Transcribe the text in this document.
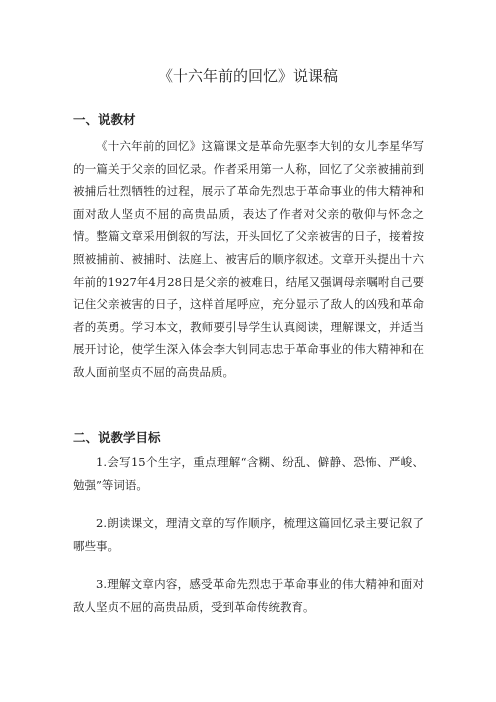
《十六年前的回忆》说课稿
一、说教材
《十六年前的回忆》这篇课文是革命先驱李大钊的女儿李星华写的一篇关于父亲的回忆录。作者采用第一人称，回忆了父亲被捕前到被捕后壮烈牺牲的过程，展示了革命先烈忠于革命事业的伟大精神和面对敌人坚贞不屈的高贵品质，表达了作者对父亲的敬仰与怀念之情。整篇文章采用倒叙的写法，开头回忆了父亲被害的日子，接着按照被捕前、被捕时、法庭上、被害后的顺序叙述。文章开头提出十六年前的1927年4月28日是父亲的被难日，结尾又强调母亲嘱咐自己要记住父亲被害的日子，这样首尾呼应，充分显示了敌人的凶残和革命者的英勇。学习本文，教师要引导学生认真阅读，理解课文，并适当展开讨论，使学生深入体会李大钊同志忠于革命事业的伟大精神和在敌人面前坚贞不屈的高贵品质。
二、说教学目标
1.会写15个生字，重点理解“含糊、纷乱、僻静、恐怖、严峻、勉强”等词语。
2.朗读课文，理清文章的写作顺序，梳理这篇回忆录主要记叙了哪些事。
3.理解文章内容，感受革命先烈忠于革命事业的伟大精神和面对敌人坚贞不屈的高贵品质，受到革命传统教育。
